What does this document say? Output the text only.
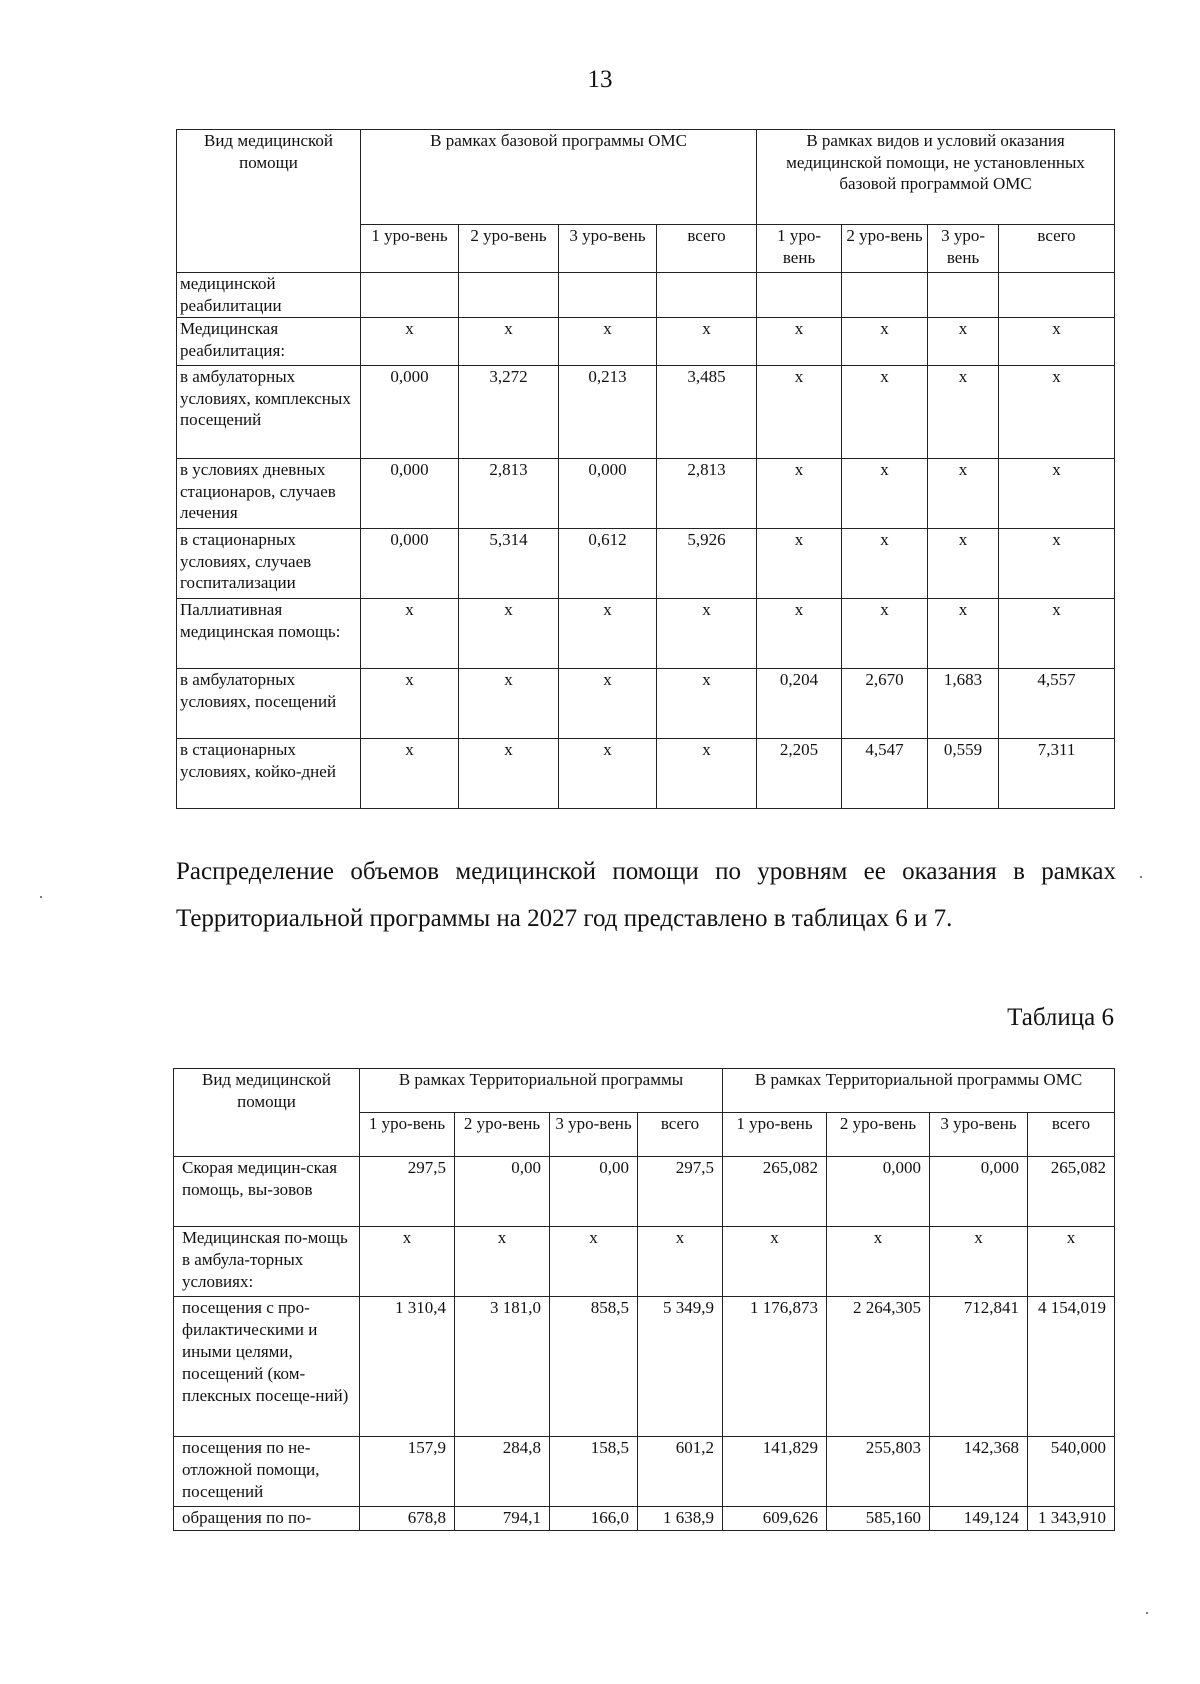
13
Вид медицинской помощи	В рамках базовой программы ОМС				В рамках видов и условий оказания медицинской помощи, не установленных базовой программой ОМС			
	1 уро-вень	2 уро-вень	3 уро-вень	всего	1 уро-вень	2 уро-вень	3 уро-вень	всего
медицинской реабилитации								
Медицинская реабилитация:	х	х	х	х	х	х	х	х
в амбулаторных условиях, комплексных посещений	0,000	3,272	0,213	3,485	х	х	х	х
в условиях дневных стационаров, случаев лечения	0,000	2,813	0,000	2,813	х	х	х	х
в стационарных условиях, случаев госпитализации	0,000	5,314	0,612	5,926	х	х	х	х
Паллиативная медицинская помощь:	х	х	х	х	х	х	х	х
в амбулаторных условиях, посещений	х	х	х	х	0,204	2,670	1,683	4,557
в стационарных условиях, койко-дней	х	х	х	х	2,205	4,547	0,559	7,311

Распределение объемов медицинской помощи по уровням ее оказания в рамках Территориальной программы на 2027 год представлено в таблицах 6 и 7.

Таблица 6
Вид медицинской помощи	В рамках Территориальной программы				В рамках Территориальной программы ОМС			
	1 уро-вень	2 уро-вень	3 уро-вень	всего	1 уро-вень	2 уро-вень	3 уро-вень	всего
Скорая медицин-ская помощь, вы-зовов	297,5	0,00	0,00	297,5	265,082	0,000	0,000	265,082
Медицинская по-мощь в амбула-торных условиях:	х	х	х	х	х	х	х	х
посещения с про-филактическими и иными целями, посещений (ком-плексных посеще-ний)	1 310,4	3 181,0	858,5	5 349,9	1 176,873	2 264,305	712,841	4 154,019
посещения по не-отложной помощи, посещений	157,9	284,8	158,5	601,2	141,829	255,803	142,368	540,000
обращения по по-	678,8	794,1	166,0	1 638,9	609,626	585,160	149,124	1 343,910
